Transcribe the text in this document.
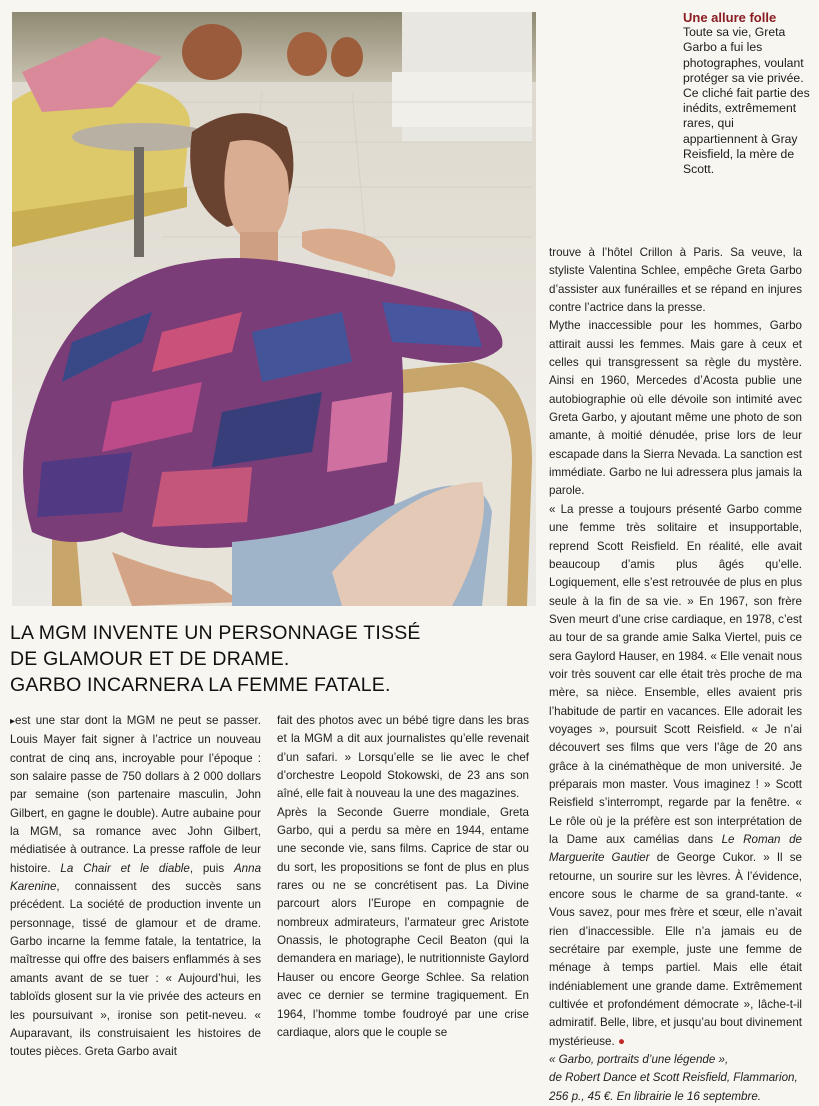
Une allure folle
Toute sa vie, Greta Garbo a fui les photographes, voulant protéger sa vie privée. Ce cliché fait partie des inédits, extrêmement rares, qui appartiennent à Gray Reisfield, la mère de Scott.
LA MGM INVENTE UN PERSONNAGE TISSÉ
DE GLAMOUR ET DE DRAME.
GARBO INCARNERA LA FEMME FATALE.

▸est une star dont la MGM ne peut se passer. Louis Mayer fait signer à l’actrice un nouveau contrat de cinq ans, incroyable pour l’époque : son salaire passe de 750 dollars à 2 000 dollars par semaine (son partenaire masculin, John Gilbert, en gagne le double). Autre aubaine pour la MGM, sa romance avec John Gilbert, médiatisée à outrance. La presse raffole de leur histoire. La Chair et le diable, puis Anna Karenine, connaissent des succès sans précédent. La société de production invente un personnage, tissé de glamour et de drame. Garbo incarne la femme fatale, la tentatrice, la maîtresse qui offre des baisers enflammés à ses amants avant de se tuer : « Aujourd’hui, les tabloïds glosent sur la vie privée des acteurs en les poursuivant », ironise son petit-neveu. « Auparavant, ils construisaient les histoires de toutes pièces. Greta Garbo avait

fait des photos avec un bébé tigre dans les bras et la MGM a dit aux journalistes qu’elle revenait d’un safari. » Lorsqu’elle se lie avec le chef d’orchestre Leopold Stokowski, de 23 ans son aîné, elle fait à nouveau la une des magazines.

Après la Seconde Guerre mondiale, Greta Garbo, qui a perdu sa mère en 1944, entame une seconde vie, sans films. Caprice de star ou du sort, les propositions se font de plus en plus rares ou ne se concrétisent pas. La Divine parcourt alors l’Europe en compagnie de nombreux admirateurs, l’armateur grec Aristote Onassis, le photographe Cecil Beaton (qui la demandera en mariage), le nutritionniste Gaylord Hauser ou encore George Schlee. Sa relation avec ce dernier se termine tragiquement. En 1964, l’homme tombe foudroyé par une crise cardiaque, alors que le couple se

trouve à l’hôtel Crillon à Paris. Sa veuve, la styliste Valentina Schlee, empêche Greta Garbo d’assister aux funérailles et se répand en injures contre l’actrice dans la presse.

Mythe inaccessible pour les hommes, Garbo attirait aussi les femmes. Mais gare à ceux et celles qui transgressent sa règle du mystère. Ainsi en 1960, Mercedes d’Acosta publie une autobiographie où elle dévoile son intimité avec Greta Garbo, y ajoutant même une photo de son amante, à moitié dénudée, prise lors de leur escapade dans la Sierra Nevada. La sanction est immédiate. Garbo ne lui adressera plus jamais la parole.

« La presse a toujours présenté Garbo comme une femme très solitaire et insupportable, reprend Scott Reisfield. En réalité, elle avait beaucoup d’amis plus âgés qu’elle. Logiquement, elle s’est retrouvée de plus en plus seule à la fin de sa vie. » En 1967, son frère Sven meurt d’une crise cardiaque, en 1978, c’est au tour de sa grande amie Salka Viertel, puis ce sera Gaylord Hauser, en 1984. « Elle venait nous voir très souvent car elle était très proche de ma mère, sa nièce. Ensemble, elles avaient pris l’habitude de partir en vacances. Elle adorait les voyages », poursuit Scott Reisfield. « Je n’ai découvert ses films que vers l’âge de 20 ans grâce à la cinémathèque de mon université. Je préparais mon master. Vous imaginez ! » Scott Reisfield s’interrompt, regarde par la fenêtre. « Le rôle où je la préfère est son interprétation de la Dame aux camélias dans Le Roman de Marguerite Gautier de George Cukor. » Il se retourne, un sourire sur les lèvres. À l’évidence, encore sous le charme de sa grand-tante. « Vous savez, pour mes frère et sœur, elle n’avait rien d’inaccessible. Elle n’a jamais eu de secrétaire par exemple, juste une femme de ménage à temps partiel. Mais elle était indéniablement une grande dame. Extrêmement cultivée et profondément démocrate », lâche-t-il admiratif. Belle, libre, et jusqu’au bout divinement mystérieuse. ●

« Garbo, portraits d’une légende »,
de Robert Dance et Scott Reisfield, Flammarion,
256 p., 45 €. En librairie le 16 septembre.
